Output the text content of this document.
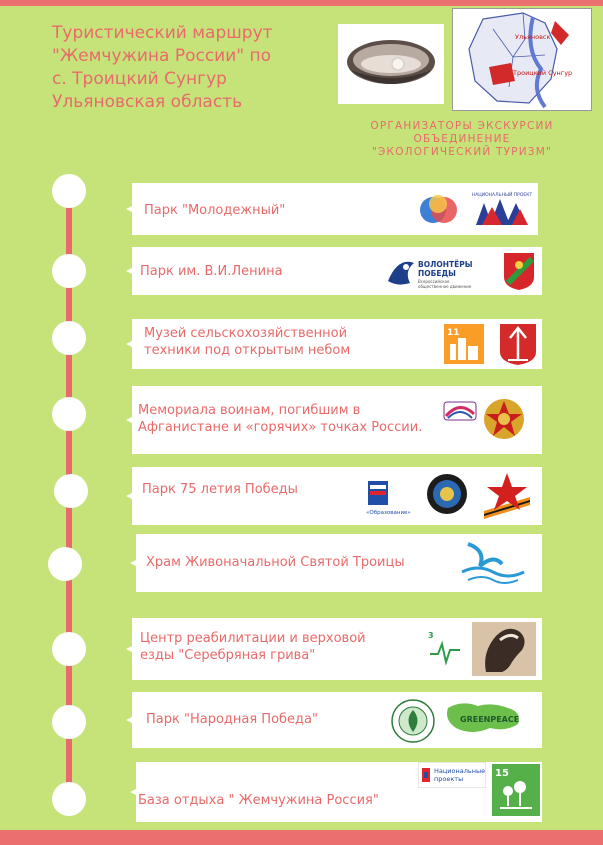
Туристический маршрут
"Жемчужина России" по
с. Троицкий Сунгур
Ульяновская область
Ульяновск
Троицкий Сунгур

ОРГАНИЗАТОРЫ ЭКСКУРСИИ
ОБЪЕДИНЕНИЕ
"ЭКОЛОГИЧЕСКИЙ ТУРИЗМ"

Парк "Молодежный"
НАЦИОНАЛЬНЫЙ ПРОЕКТ
Парк им. В.И.Ленина	ВОЛОНТЁРЫ
ПОБЕДЫ
Всероссийское
общественное движение
Музей сельскохозяйственной
техники под открытым небом
11
Мемориала воинам, погибшим в
Афганистане и «горячих» точках России.
Парк 75 летия Победы
«Образование»
Храм Живоначальной Святой Троицы
Центр реабилитации и верховой
езды "Серебряная грива"
3
Парк "Народная Победа"	GREENPEACE
База отдыха " Жемчужина Россия"
Национальные
проекты	15
